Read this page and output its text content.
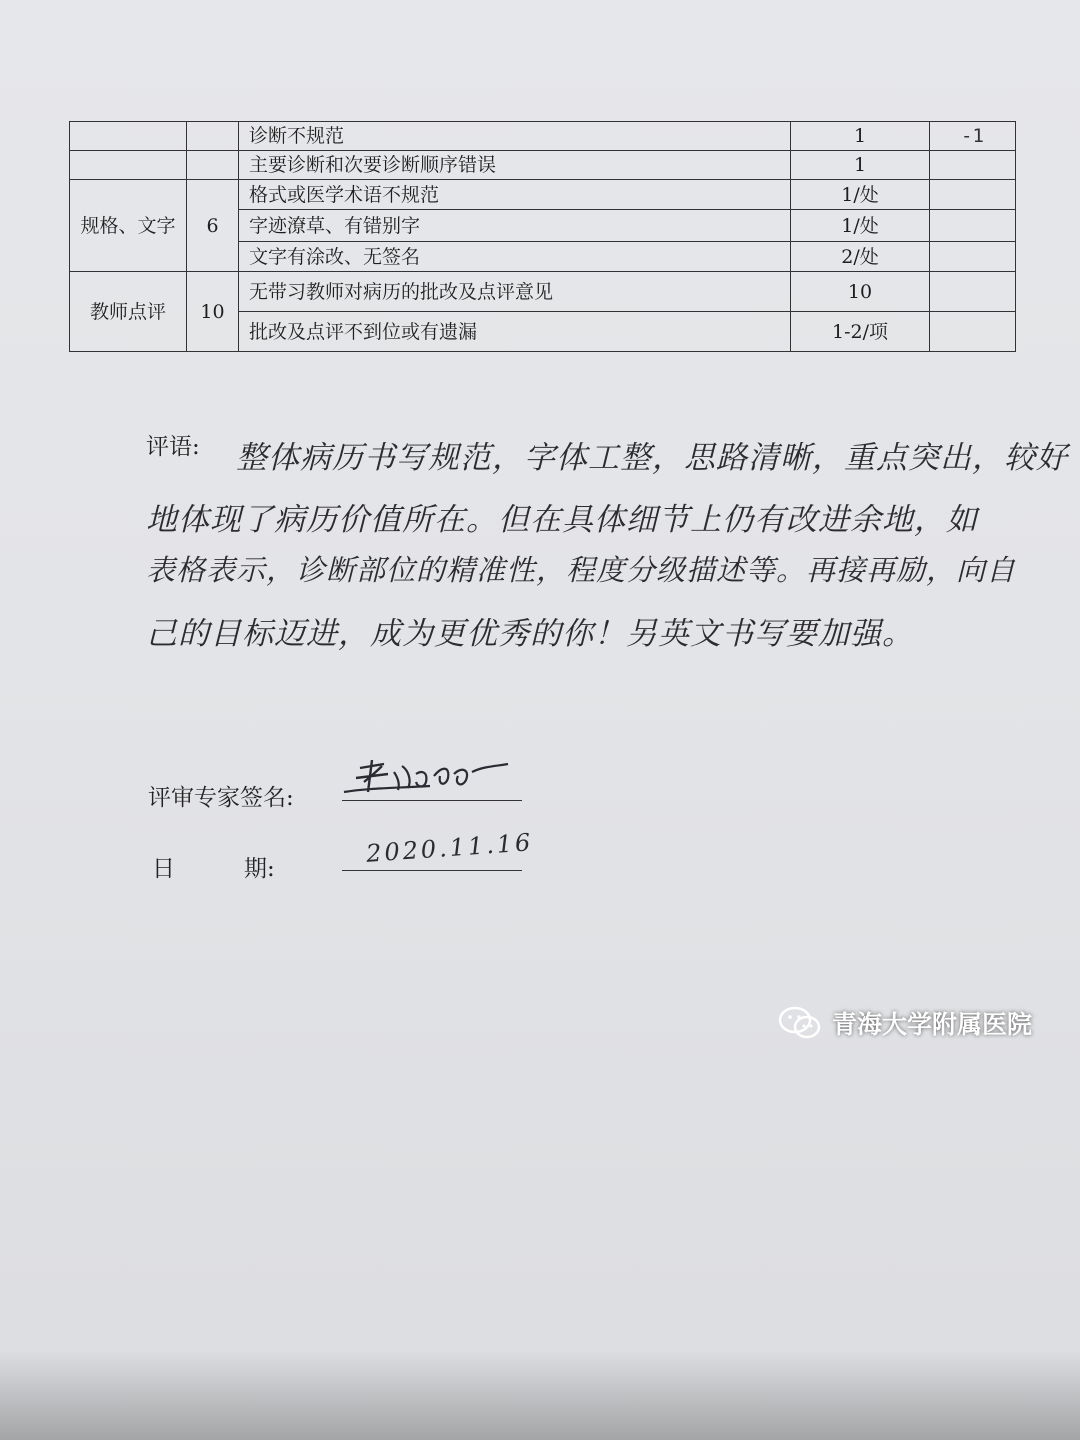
		诊断不规范	1	-1
		主要诊断和次要诊断顺序错误	1	
规格、文字	6	格式或医学术语不规范	1/处	
		字迹潦草、有错别字	1/处	
		文字有涂改、无签名	2/处	
教师点评	10	无带习教师对病历的批改及点评意见	10	
		批改及点评不到位或有遗漏	1-2/项	
评语: 整体病历书写规范，字体工整，思路清晰，重点突出，较好
地体现了病历价值所在。但在具体细节上仍有改进余地，如
表格表示，诊断部位的精准性，程度分级描述等。再接再励，向自
己的目标迈进，成为更优秀的你！另英文书写要加强。
评审专家签名:
日　　　期:
2020.11.16
青海大学附属医院
